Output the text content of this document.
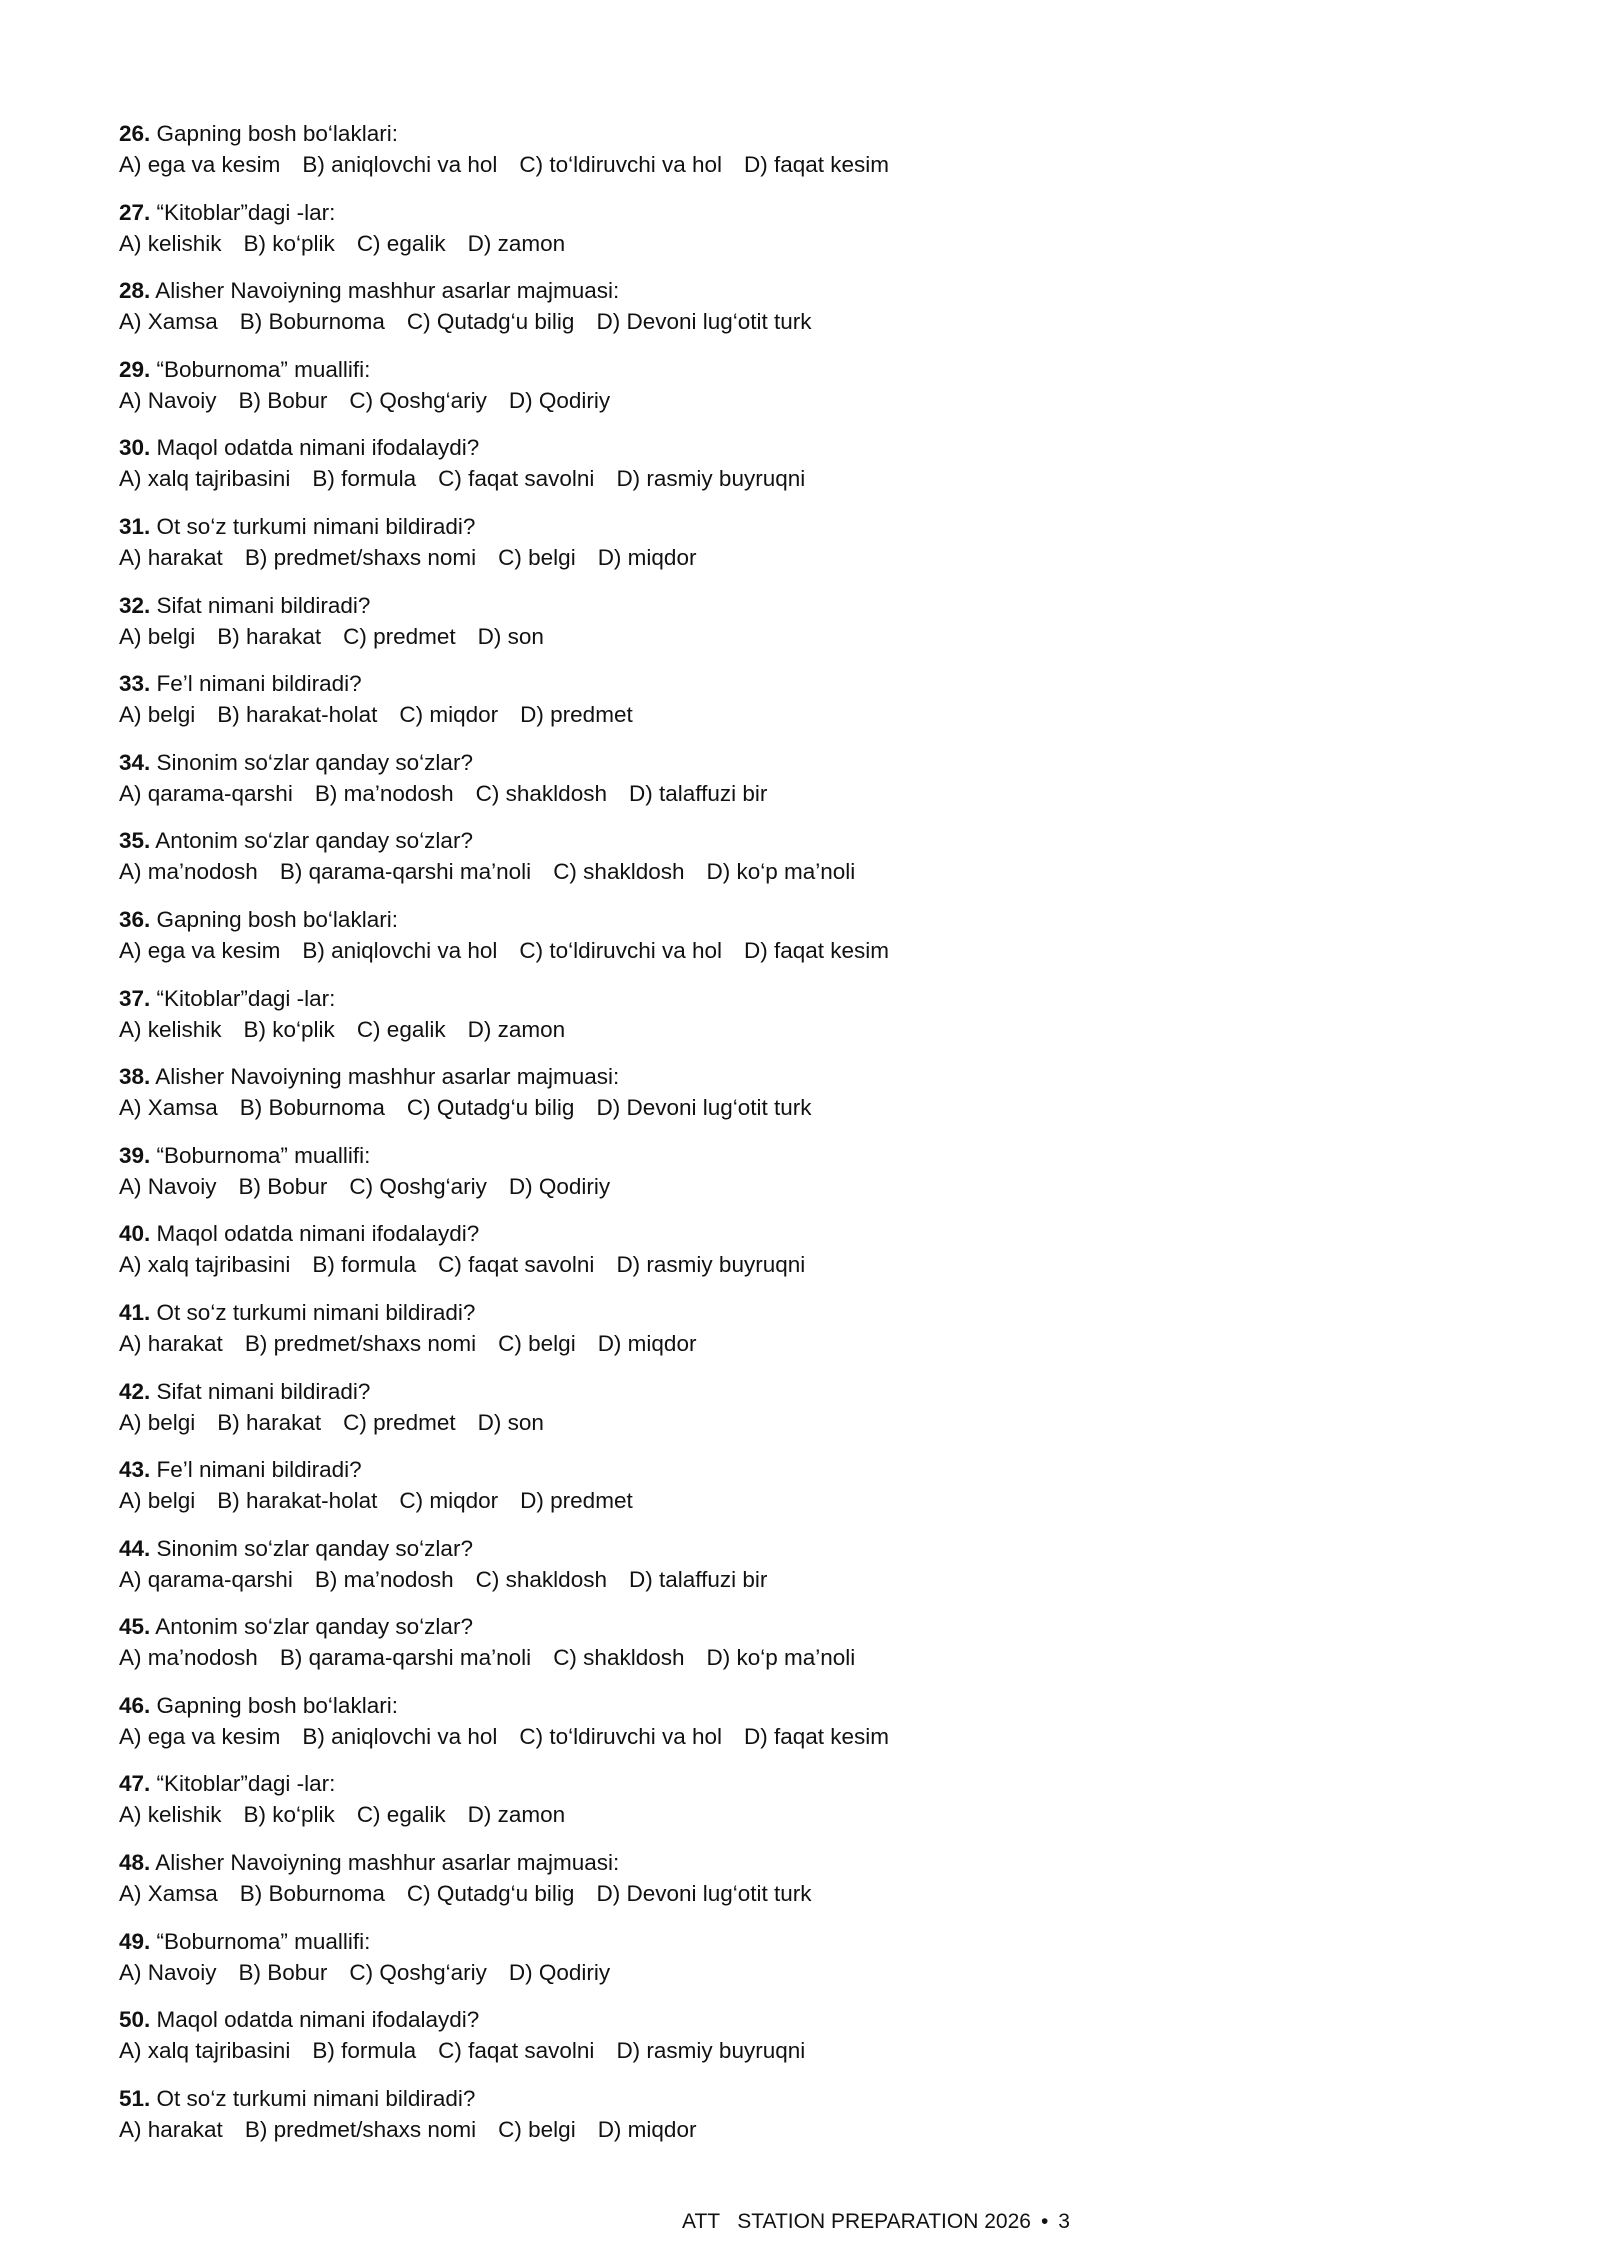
26. Gapning bosh bo‘laklari:
A) ega va kesim B) aniqlovchi va hol C) to‘ldiruvchi va hol D) faqat kesim
27. “Kitoblar”dagi -lar:
A) kelishik B) ko‘plik C) egalik D) zamon
28. Alisher Navoiyning mashhur asarlar majmuasi:
A) Xamsa B) Boburnoma C) Qutadg‘u bilig D) Devoni lug‘otit turk
29. “Boburnoma” muallifi:
A) Navoiy B) Bobur C) Qoshg‘ariy D) Qodiriy
30. Maqol odatda nimani ifodalaydi?
A) xalq tajribasini B) formula C) faqat savolni D) rasmiy buyruqni
31. Ot so‘z turkumi nimani bildiradi?
A) harakat B) predmet/shaxs nomi C) belgi D) miqdor
32. Sifat nimani bildiradi?
A) belgi B) harakat C) predmet D) son
33. Fe’l nimani bildiradi?
A) belgi B) harakat-holat C) miqdor D) predmet
34. Sinonim so‘zlar qanday so‘zlar?
A) qarama-qarshi B) ma’nodosh C) shakldosh D) talaffuzi bir
35. Antonim so‘zlar qanday so‘zlar?
A) ma’nodosh B) qarama-qarshi ma’noli C) shakldosh D) ko‘p ma’noli
36. Gapning bosh bo‘laklari:
A) ega va kesim B) aniqlovchi va hol C) to‘ldiruvchi va hol D) faqat kesim
37. “Kitoblar”dagi -lar:
A) kelishik B) ko‘plik C) egalik D) zamon
38. Alisher Navoiyning mashhur asarlar majmuasi:
A) Xamsa B) Boburnoma C) Qutadg‘u bilig D) Devoni lug‘otit turk
39. “Boburnoma” muallifi:
A) Navoiy B) Bobur C) Qoshg‘ariy D) Qodiriy
40. Maqol odatda nimani ifodalaydi?
A) xalq tajribasini B) formula C) faqat savolni D) rasmiy buyruqni
41. Ot so‘z turkumi nimani bildiradi?
A) harakat B) predmet/shaxs nomi C) belgi D) miqdor
42. Sifat nimani bildiradi?
A) belgi B) harakat C) predmet D) son
43. Fe’l nimani bildiradi?
A) belgi B) harakat-holat C) miqdor D) predmet
44. Sinonim so‘zlar qanday so‘zlar?
A) qarama-qarshi B) ma’nodosh C) shakldosh D) talaffuzi bir
45. Antonim so‘zlar qanday so‘zlar?
A) ma’nodosh B) qarama-qarshi ma’noli C) shakldosh D) ko‘p ma’noli
46. Gapning bosh bo‘laklari:
A) ega va kesim B) aniqlovchi va hol C) to‘ldiruvchi va hol D) faqat kesim
47. “Kitoblar”dagi -lar:
A) kelishik B) ko‘plik C) egalik D) zamon
48. Alisher Navoiyning mashhur asarlar majmuasi:
A) Xamsa B) Boburnoma C) Qutadg‘u bilig D) Devoni lug‘otit turk
49. “Boburnoma” muallifi:
A) Navoiy B) Bobur C) Qoshg‘ariy D) Qodiriy
50. Maqol odatda nimani ifodalaydi?
A) xalq tajribasini B) formula C) faqat savolni D) rasmiy buyruqni
51. Ot so‘z turkumi nimani bildiradi?
A) harakat B) predmet/shaxs nomi C) belgi D) miqdor
ATT   STATION PREPARATION 2026 • 3
